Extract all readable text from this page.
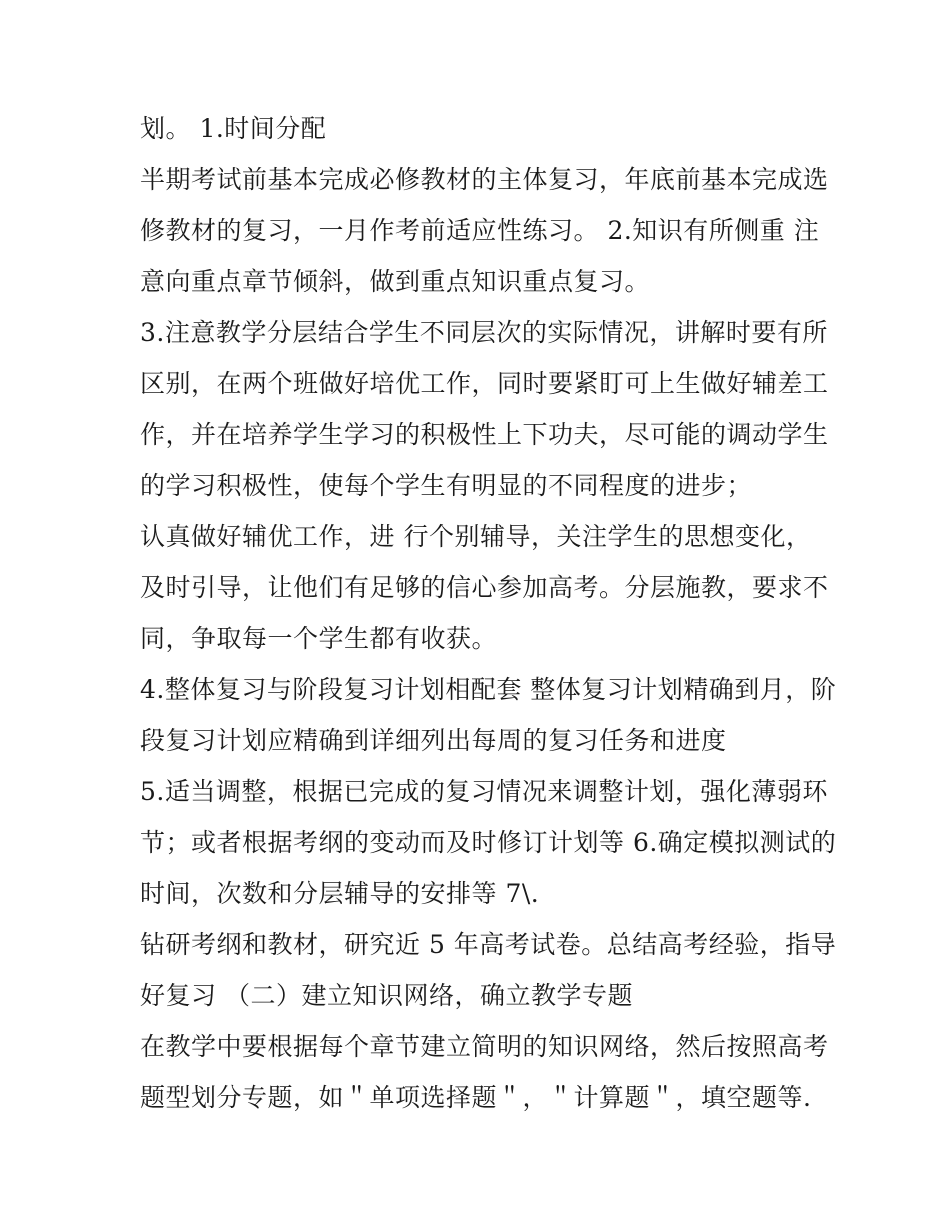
划。 1.时间分配
半期考试前基本完成必修教材的主体复习，年底前基本完成选
修教材的复习，一月作考前适应性练习。 2.知识有所侧重 注
意向重点章节倾斜，做到重点知识重点复习。
3.注意教学分层结合学生不同层次的实际情况，讲解时要有所
区别，在两个班做好培优工作，同时要紧盯可上生做好辅差工
作，并在培养学生学习的积极性上下功夫，尽可能的调动学生
的学习积极性，使每个学生有明显的不同程度的进步；
认真做好辅优工作，进 行个别辅导，关注学生的思想变化，
及时引导，让他们有足够的信心参加高考。分层施教，要求不
同，争取每一个学生都有收获。
4.整体复习与阶段复习计划相配套 整体复习计划精确到月，阶
段复习计划应精确到详细列出每周的复习任务和进度
5.适当调整，根据已完成的复习情况来调整计划，强化薄弱环
节；或者根据考纲的变动而及时修订计划等 6.确定模拟测试的
时间，次数和分层辅导的安排等 7\.
钻研考纲和教材，研究近 5 年高考试卷。总结高考经验，指导
好复习 （二）建立知识网络，确立教学专题
在教学中要根据每个章节建立简明的知识网络，然后按照高考
题型划分专题，如＂单项选择题＂，＂计算题＂，填空题等.
